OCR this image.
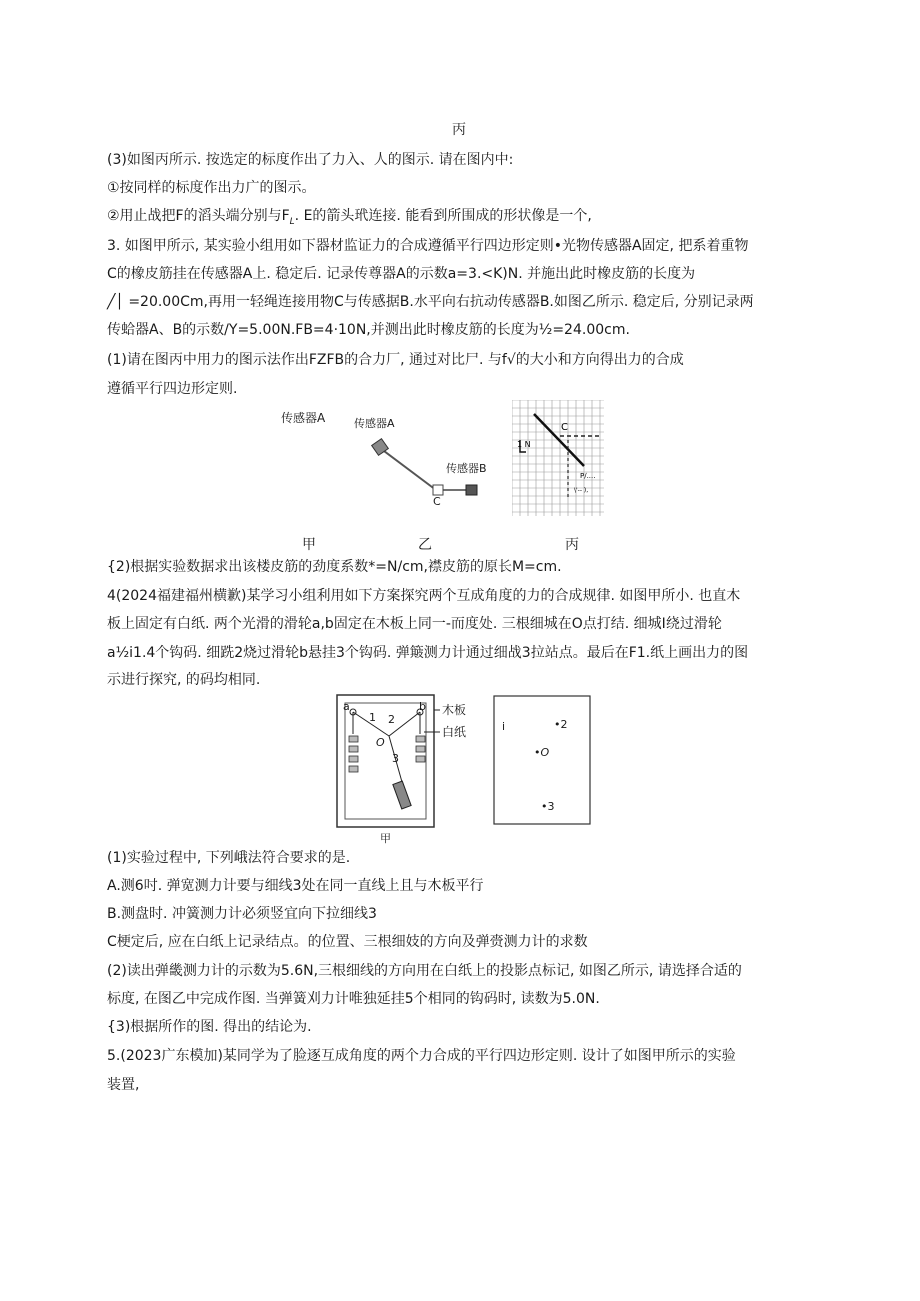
丙
(3)如图丙所示. 按选定的标度作出了力入、人的图示. 请在图内中:
①按同样的标度作出力广的图示。
②用止战把F的滔头端分别与$F_L$. E的箭头玳连接. 能看到所围成的形状像是一个,
3. 如图甲所示, 某实验小组用如下器材监证力的合成遵循平行四边形定则•光物传感器A固定, 把系着重物
C的橡皮筋挂在传感器A上. 稳定后. 记录传尊器A的示数a=3.<K)N. 并施出此时橡皮筋的长度为
╱│ =20.00Cm,再用一轻绳连接用物C与传感据B.水平向右抗动传感器B.如图乙所示. 稳定后, 分别记录两
传蛤器A、B的示数/Y=5.00N.FB=4·10N,并测出此时橡皮筋的长度为½=24.00cm.
(1)请在图丙中用力的图示法作出FZFB的合力厂, 通过对比尸. 与f√的大小和方向得出力的合成
遵循平行四边形定则.
传感器A	传感器A
传感器B
C
C
1 N
P∕....
\'-- ),
甲	乙	丙
{2)根据实验数据求出该楼皮筋的劲度系数*=N/cm,襟皮筋的原长M=cm.
4(2024福建福州横歉)某学习小组利用如下方案探究两个互成角度的力的合成规律. 如图甲所小. 也直木
板上固定有白纸. 两个光滑的滑轮a,b固定在木板上同一-而度处. 三根细城在O点打结. 细城I绕过滑轮
a½i1.4个钩码. 细跣2烧过滑轮b悬挂3个钩码. 弹簸测力计通过细战3拉站点。最后在F1.纸上画出力的图
示进行探究, 的码均相同.
a	b
1 2
3
O
木板
白纸
甲
i	•2
•O
•3
(1)实验过程中, 下列峨法符合要求的是.
A.测6吋. 弹宽测力计要与细线3处在同一直线上且与木板平行
B.测盘时. 冲簧测力计必须竖宜向下拉细线3
C梗定后, 应在白纸上记录结点。的位置、三根细妓的方向及弹赍测力计的求数
(2)读出弹畿测力计的示数为5.6N,三根细线的方向用在白纸上的投影点标记, 如图乙所示, 请选择合适的
标度, 在图乙中完成作图. 当弹簧刈力计唯独延挂5个相同的钩码时, 读数为5.0N.
{3)根据所作的图. 得出的结论为.
5.(2023广东模加)某同学为了脸逐互成角度的两个力合成的平行四边形定则. 设计了如图甲所示的实验
装置,
